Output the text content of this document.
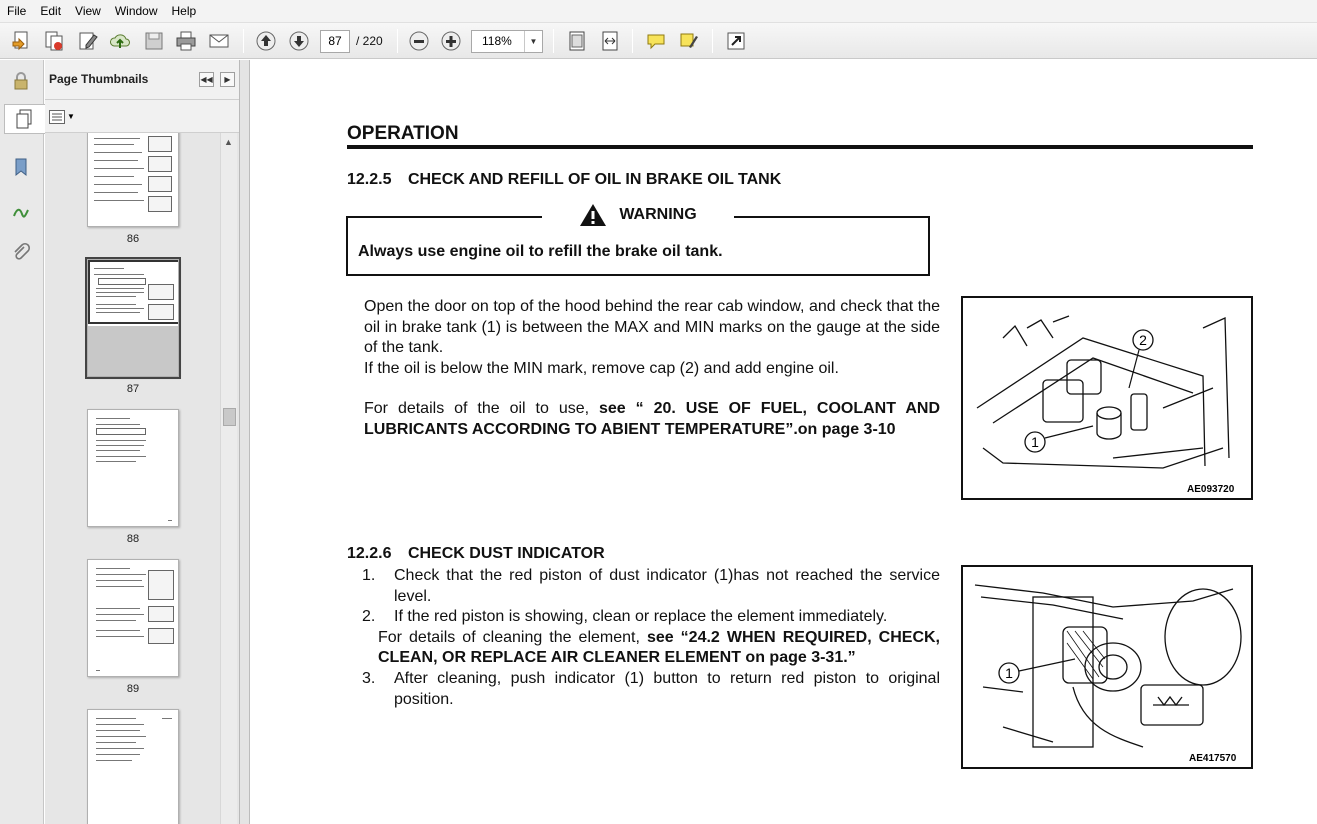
File	Edit	View	Window	Help
87	/ 220	118%	▼
Page Thumbnails	◀◀	▶
▼
86
87
88
89
▲	OPERATION
12.2.5 CHECK AND REFILL OF OIL IN BRAKE OIL TANK
WARNING
Always use engine oil to refill the brake oil tank.
Open the door on top of the hood behind the rear cab window, and check that the oil in brake tank (1) is between the MAX and MIN marks on the gauge at the side of the tank.
If the oil is below the MIN mark, remove cap (2) and add engine oil.
For details of the oil to use, see “ 20. USE OF FUEL, COOLANT AND LUBRICANTS ACCORDING TO ABIENT TEMPERATURE”.on page 3-10
2
1
AE093720
12.2.6 CHECK DUST INDICATOR
1.	Check that the red piston of dust indicator (1)has not reached the service level.
2.	If the red piston is showing, clean or replace the element immediately.
For details of cleaning the element, see “24.2 WHEN REQUIRED, CHECK, CLEAN, OR REPLACE AIR CLEANER ELEMENT on page 3-31.”
3.	After cleaning, push indicator (1) button to return red piston to original position.
1
AE417570
